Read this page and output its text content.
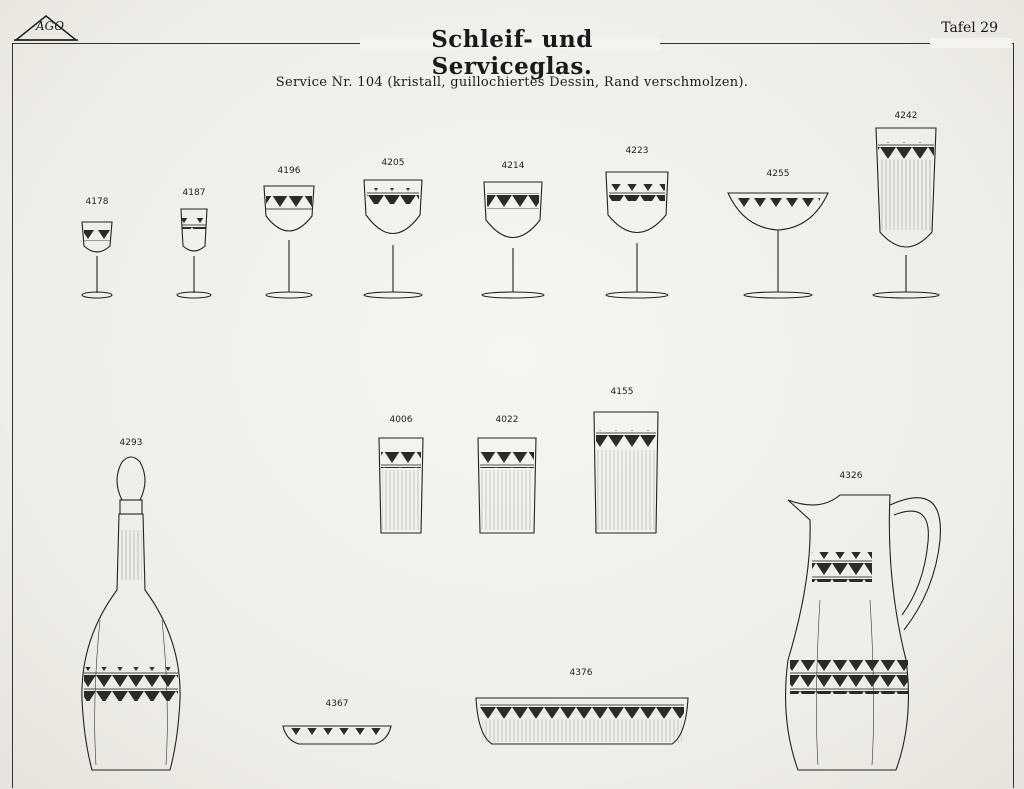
AGO	Schleif- und Serviceglas.
Tafel 29
Service Nr. 104 (kristall, guillochiertes Dessin, Rand verschmolzen).
4178
4187
4196
4205	4214
4223
4255
4242
4293
4006	4022
4155
4326
4367
4376
